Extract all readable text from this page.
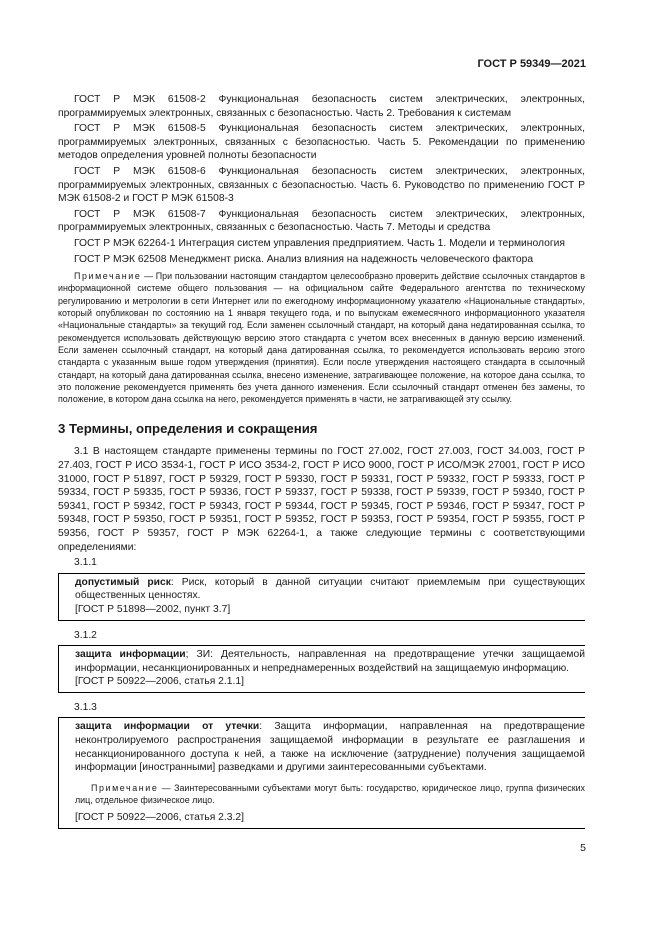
ГОСТ Р 59349—2021

ГОСТ Р МЭК 61508-2 Функциональная безопасность систем электрических, электронных, программируемых электронных, связанных с безопасностью. Часть 2. Требования к системам

ГОСТ Р МЭК 61508-5 Функциональная безопасность систем электрических, электронных, программируемых электронных, связанных с безопасностью. Часть 5. Рекомендации по применению методов определения уровней полноты безопасности

ГОСТ Р МЭК 61508-6 Функциональная безопасность систем электрических, электронных, программируемых электронных, связанных с безопасностью. Часть 6. Руководство по применению ГОСТ Р МЭК 61508-2 и ГОСТ Р МЭК 61508-3

ГОСТ Р МЭК 61508-7 Функциональная безопасность систем электрических, электронных, программируемых электронных, связанных с безопасностью. Часть 7. Методы и средства

ГОСТ Р МЭК 62264-1 Интеграция систем управления предприятием. Часть 1. Модели и терминология

ГОСТ Р МЭК 62508 Менеджмент риска. Анализ влияния на надежность человеческого фактора

Примечание — При пользовании настоящим стандартом целесообразно проверить действие ссылочных стандартов в информационной системе общего пользования — на официальном сайте Федерального агентства по техническому регулированию и метрологии в сети Интернет или по ежегодному информационному указателю «Национальные стандарты», который опубликован по состоянию на 1 января текущего года, и по выпускам ежемесячного информационного указателя «Национальные стандарты» за текущий год. Если заменен ссылочный стандарт, на который дана недатированная ссылка, то рекомендуется использовать действующую версию этого стандарта с учетом всех внесенных в данную версию изменений. Если заменен ссылочный стандарт, на который дана датированная ссылка, то рекомендуется использовать версию этого стандарта с указанным выше годом утверждения (принятия). Если после утверждения настоящего стандарта в ссылочный стандарт, на который дана датированная ссылка, внесено изменение, затрагивающее положение, на которое дана ссылка, то это положение рекомендуется применять без учета данного изменения. Если ссылочный стандарт отменен без замены, то положение, в котором дана ссылка на него, рекомендуется применять в части, не затрагивающей эту ссылку.

3 Термины, определения и сокращения

3.1 В настоящем стандарте применены термины по ГОСТ 27.002, ГОСТ 27.003, ГОСТ 34.003, ГОСТ Р 27.403, ГОСТ Р ИСО 3534-1, ГОСТ Р ИСО 3534-2, ГОСТ Р ИСО 9000, ГОСТ Р ИСО/МЭК 27001, ГОСТ Р ИСО 31000, ГОСТ Р 51897, ГОСТ Р 59329, ГОСТ Р 59330, ГОСТ Р 59331, ГОСТ Р 59332, ГОСТ Р 59333, ГОСТ Р 59334, ГОСТ Р 59335, ГОСТ Р 59336, ГОСТ Р 59337, ГОСТ Р 59338, ГОСТ Р 59339, ГОСТ Р 59340, ГОСТ Р 59341, ГОСТ Р 59342, ГОСТ Р 59343, ГОСТ Р 59344, ГОСТ Р 59345, ГОСТ Р 59346, ГОСТ Р 59347, ГОСТ Р 59348, ГОСТ Р 59350, ГОСТ Р 59351, ГОСТ Р 59352, ГОСТ Р 59353, ГОСТ Р 59354, ГОСТ Р 59355, ГОСТ Р 59356, ГОСТ Р 59357, ГОСТ Р МЭК 62264-1, а также следующие термины с соответствующими определениями:

3.1.1

допустимый риск: Риск, который в данной ситуации считают приемлемым при существующих общественных ценностях.

[ГОСТ Р 51898—2002, пункт 3.7]
3.1.2

защита информации; ЗИ: Деятельность, направленная на предотвращение утечки защищаемой информации, несанкционированных и непреднамеренных воздействий на защищаемую информацию.

[ГОСТ Р 50922—2006, статья 2.1.1]
3.1.3

защита информации от утечки: Защита информации, направленная на предотвращение неконтролируемого распространения защищаемой информации в результате ее разглашения и несанкционированного доступа к ней, а также на исключение (затруднение) получения защищаемой информации [иностранными] разведками и другими заинтересованными субъектами.

Примечание — Заинтересованными субъектами могут быть: государство, юридическое лицо, группа физических лиц, отдельное физическое лицо.

[ГОСТ Р 50922—2006, статья 2.3.2]
5
